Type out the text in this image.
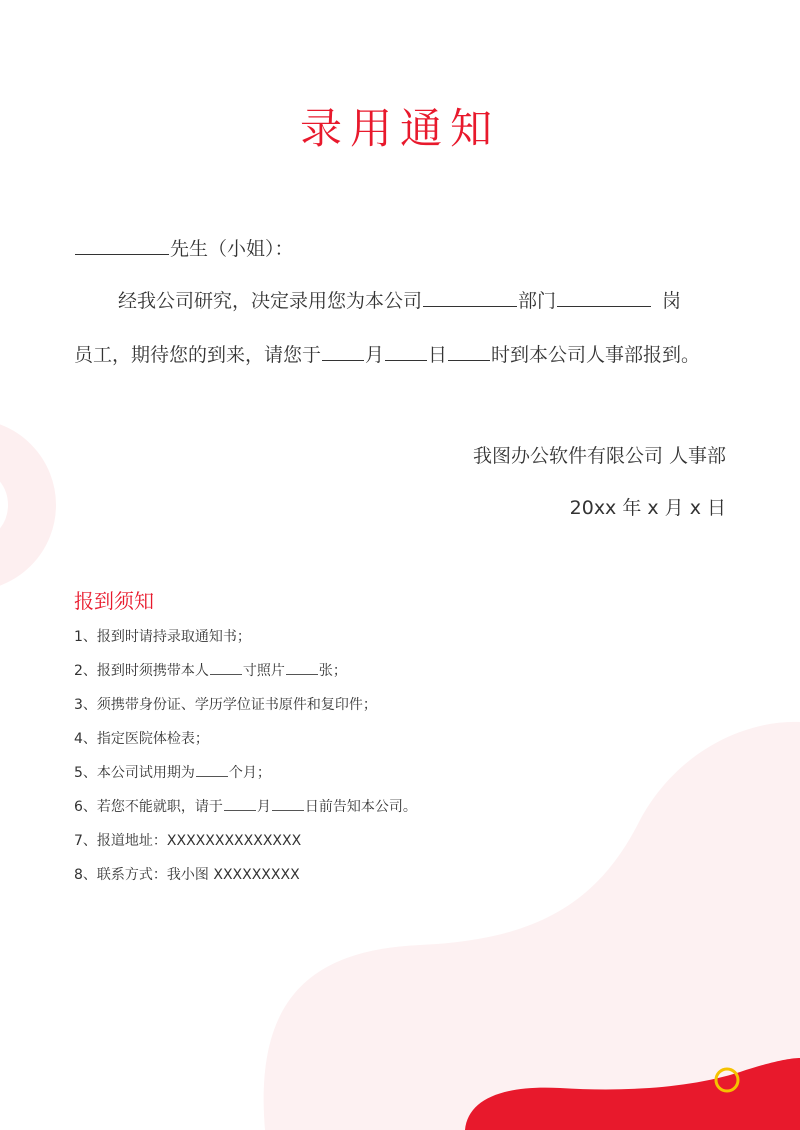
录用通知
先生（小姐）：
经我公司研究，决定录用您为本公司	部门	岗
员工，期待您的到来，请您于 月 日 时到本公司人事部报到。
我图办公软件有限公司 人事部
20xx 年 x 月 x 日
报到须知
1、报到时请持录取通知书；
2、报到时须携带本人 寸照片 张；
3、须携带身份证、学历学位证书原件和复印件；
4、指定医院体检表；
5、本公司试用期为 个月；
6、若您不能就职，请于 月 日前告知本公司。
7、报道地址：XXXXXXXXXXXXXX
8、联系方式：我小图 XXXXXXXXX
